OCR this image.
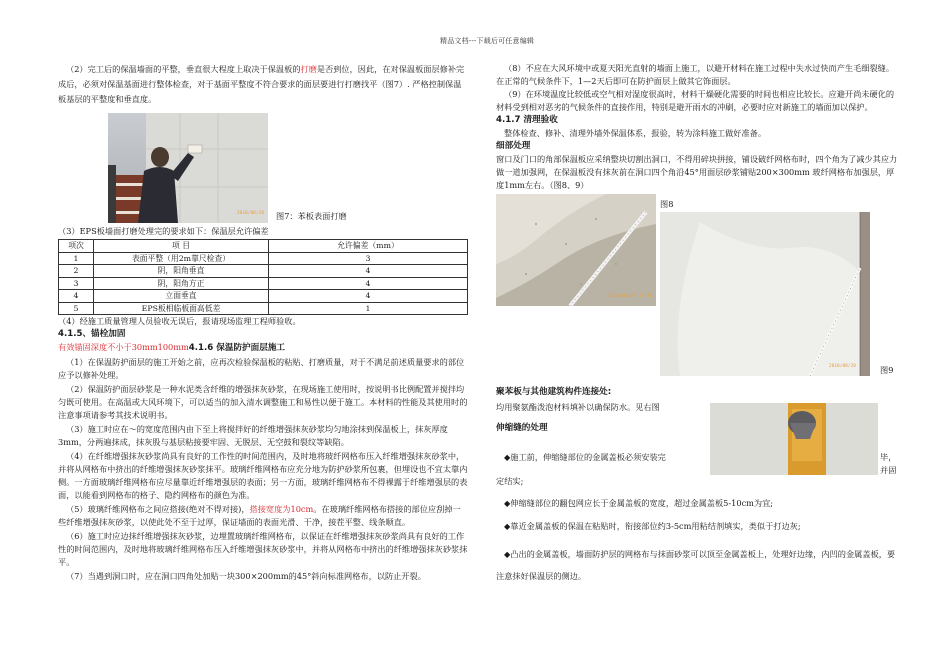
精品文档---下载后可任意编辑

（2）完工后的保温墙面的平整，垂直很大程度上取决于保温板的打磨是否到位，因此，在对保温板面层修补完成后，必须对保温基面进行整体检查，对于基面平整度不符合要求的面层要进行打磨找平（图7）. 严格控制保温板基层的平整度和垂直度。

2010/08/28 图7：苯板表面打磨

（3）EPS板墙面打磨处理完的要求如下：保温层允许偏差

项次	项 目	允许偏差（mm）
1	表面平整（用2m靠尺检查）	3
2	阴，阳角垂直	4
3	阴，阳角方正	4
4	立面垂直	4
5	EPS板相临板面高低差	1

（4）经施工质量管理人员验收无误后，报请现场监理工程师验收。

4.1.5、锚栓加固

有效锚固深度不小于30mm100mm4.1.6 保温防护面层施工

（1）在保温防护面层的施工开始之前，应再次检验保温板的粘贴、打磨质量，对于不满足前述质量要求的部位应予以修补处理。

（2）保温防护面层砂浆是一种水泥类含纤维的增强抹灰砂浆，在现场施工使用时，按说明书比例配置并搅拌均匀既可使用。在高温或大风环境下，可以适当的加入清水调整施工和易性以便于施工。本材料的性能及其使用时的注意事项请参考其技术说明书。

（3）施工时应在～的宽度范围内由下至上将搅拌好的纤维增强抹灰砂浆均匀地涂抹到保温板上，抹灰厚度3mm，分两遍抹成，抹灰股与基层粘接要牢固、无脱层、无空鼓和裂纹等缺陷。

（4）在纤维增强抹灰砂浆尚具有良好的工作性的时间范围内，及时地将玻纤网格布压入纤维增强抹灰砂浆中，并将从网格布中挤出的纤维增强抹灰砂浆抹平。玻璃纤维网格布应充分地为防护砂浆所包裹，但埋设也不宜太靠内侧。一方面玻璃纤维网格布应尽量靠近纤维增强层的表面；另一方面，玻璃纤维网格布不得裸露于纤维增强层的表面，以能看到网格布的格子、隐约网格布的颜色为准。

（5）玻璃纤维网格布之间应搭接(绝对不得对接)，搭接宽度为10cm。在玻璃纤维网格布搭接的部位应刮掉一些纤维增强抹灰砂浆，以使此处不至于过厚，保证墙面的表面光滑、干净，接茬平整、线条顺直。

（6）施工时应边抹纤维增强抹灰砂浆，边埋置玻璃纤维网格布，以保证在纤维增强抹灰砂浆尚具有良好的工作性的时间范围内，及时地将玻璃纤维网格布压入纤维增强抹灰砂浆中，并将从网格布中挤出的纤维增强抹灰砂浆抹平。

（7）当遇到洞口时，应在洞口四角处加贴一块300×200mm的45°斜向标准网格布，以防止开裂。

（8）不应在大风环境中或夏天阳光直射的墙面上施工，以避开材料在施工过程中失水过快而产生毛细裂缝。在正常的气候条件下，1—2天后即可在防护面层上做其它饰面层。

（9）在环境温度比较低或空气相对湿度很高时，材料干燥硬化需要的时间也相应比较长。应避开尚未硬化的材料受到相对恶劣的气候条件的直接作用，特别是避开雨水的冲刷，必要时应对新施工的墙面加以保护。

4.1.7 清理验收

整体检查、修补、清理外墙外保温体系，报验，转为涂料施工做好准备。

细部处理

窗口及门口的角部保温板应采纳整块切割出洞口，不得用碎块拼接，铺设破纤网格布时，四个角为了减少其应力做一道加强网，在保温板没有抹灰前在洞口四个角沿45°用面层砂浆铺贴200×300mm 玻纤网格布加强层，厚度1mm左右。（图8、9）

2010/08/28 14:41
图8
2010/08/28	图9

聚苯板与其他建筑构件连接处:

均用聚氨酯泼泡材料填补以确保防水。见右图

伸缩缝的处理

◆施工前，伸缩缝部位的金属盖板必须安装完	毕，并固

定结实;

◆伸缩缝部位的翻包网应长于金属盖板的宽度，超过金属盖板5-10cm为宜;

◆靠近金属盖板的保温在粘贴时，衔接部位约3-5cm用粘结剂填实，类似于打边灰;

◆凸出的金属盖板，墙面防护层的网格布与抹面砂浆可以顶至金属盖板上，处理好边缘，内凹的金属盖板，要注意抹好保温层的侧边。
